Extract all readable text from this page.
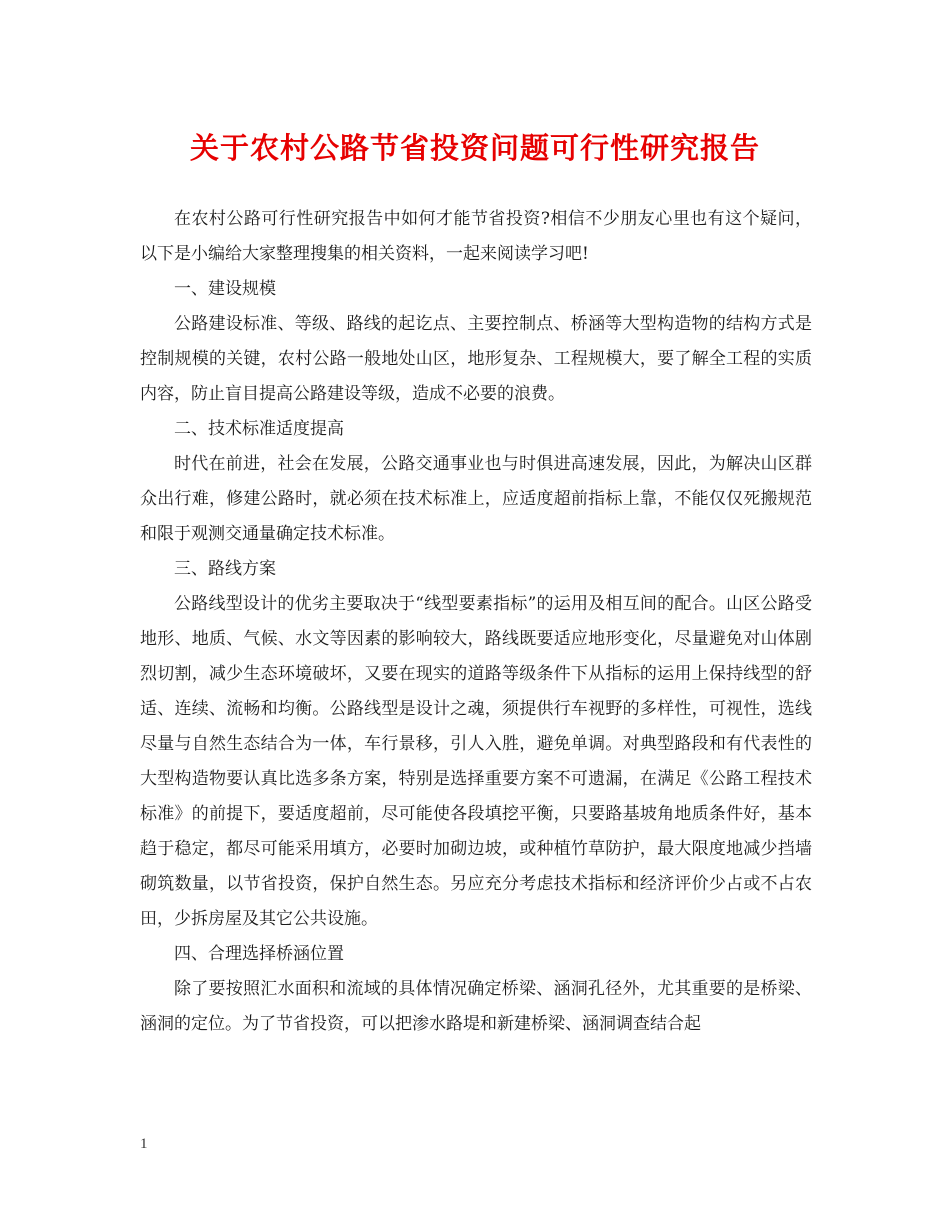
关于农村公路节省投资问题可行性研究报告

在农村公路可行性研究报告中如何才能节省投资?相信不少朋友心里也有这个疑问，以下是小编给大家整理搜集的相关资料，一起来阅读学习吧!

一、建设规模

公路建设标准、等级、路线的起讫点、主要控制点、桥涵等大型构造物的结构方式是控制规模的关键，农村公路一般地处山区，地形复杂、工程规模大，要了解全工程的实质内容，防止盲目提高公路建设等级，造成不必要的浪费。

二、技术标准适度提高

时代在前进，社会在发展，公路交通事业也与时俱进高速发展，因此，为解决山区群众出行难，修建公路时，就必须在技术标准上，应适度超前指标上靠，不能仅仅死搬规范和限于观测交通量确定技术标准。

三、路线方案

公路线型设计的优劣主要取决于“线型要素指标”的运用及相互间的配合。山区公路受地形、地质、气候、水文等因素的影响较大，路线既要适应地形变化，尽量避免对山体剧烈切割，减少生态环境破坏，又要在现实的道路等级条件下从指标的运用上保持线型的舒适、连续、流畅和均衡。公路线型是设计之魂，须提供行车视野的多样性，可视性，选线尽量与自然生态结合为一体，车行景移，引人入胜，避免单调。对典型路段和有代表性的大型构造物要认真比选多条方案，特别是选择重要方案不可遗漏，在满足《公路工程技术标准》的前提下，要适度超前，尽可能使各段填挖平衡，只要路基坡角地质条件好，基本趋于稳定，都尽可能采用填方，必要时加砌边坡，或种植竹草防护，最大限度地减少挡墙砌筑数量，以节省投资，保护自然生态。另应充分考虑技术指标和经济评价少占或不占农田，少拆房屋及其它公共设施。

四、合理选择桥涵位置

除了要按照汇水面积和流域的具体情况确定桥梁、涵洞孔径外，尤其重要的是桥梁、涵洞的定位。为了节省投资，可以把渗水路堤和新建桥梁、涵洞调查结合起

1
